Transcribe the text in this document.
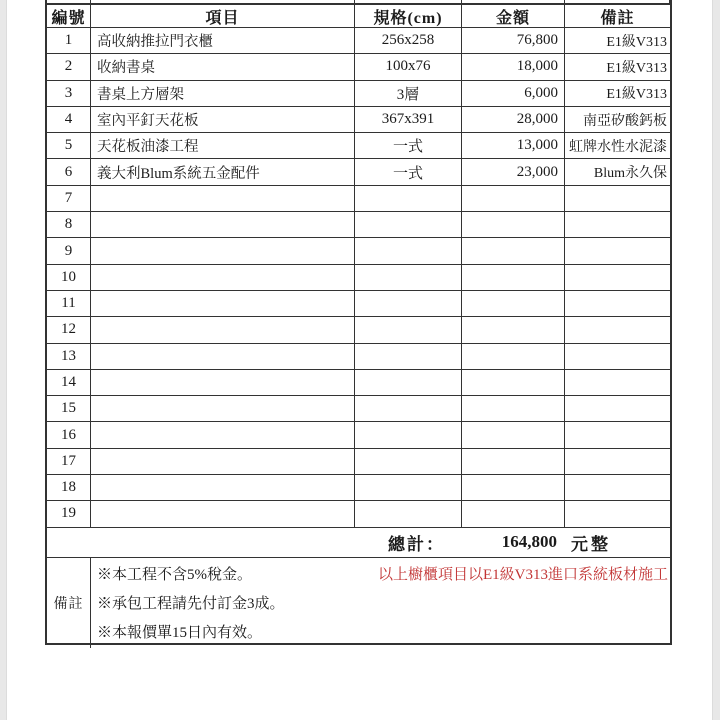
編號	項目	規格(cm)	金額	備註
1	高收納推拉門衣櫃	256x258	76,800	E1級V313
2	收納書桌	100x76	18,000	E1級V313
3	書桌上方層架	3層	6,000	E1級V313
4	室內平釘天花板	367x391	28,000	南亞矽酸鈣板
5	天花板油漆工程	一式	13,000 虹牌水性水泥漆
6	義大利Blum系統五金配件	一式	23,000	Blum永久保
7
8
9
10
11
12
13
14
15
16
17
18
19
總計：	164,800 元整
備註
以上櫥櫃項目以E1級V313進口系統板材施工
※本工程不含5%稅金。
※承包工程請先付訂金3成。
※本報價單15日內有效。
